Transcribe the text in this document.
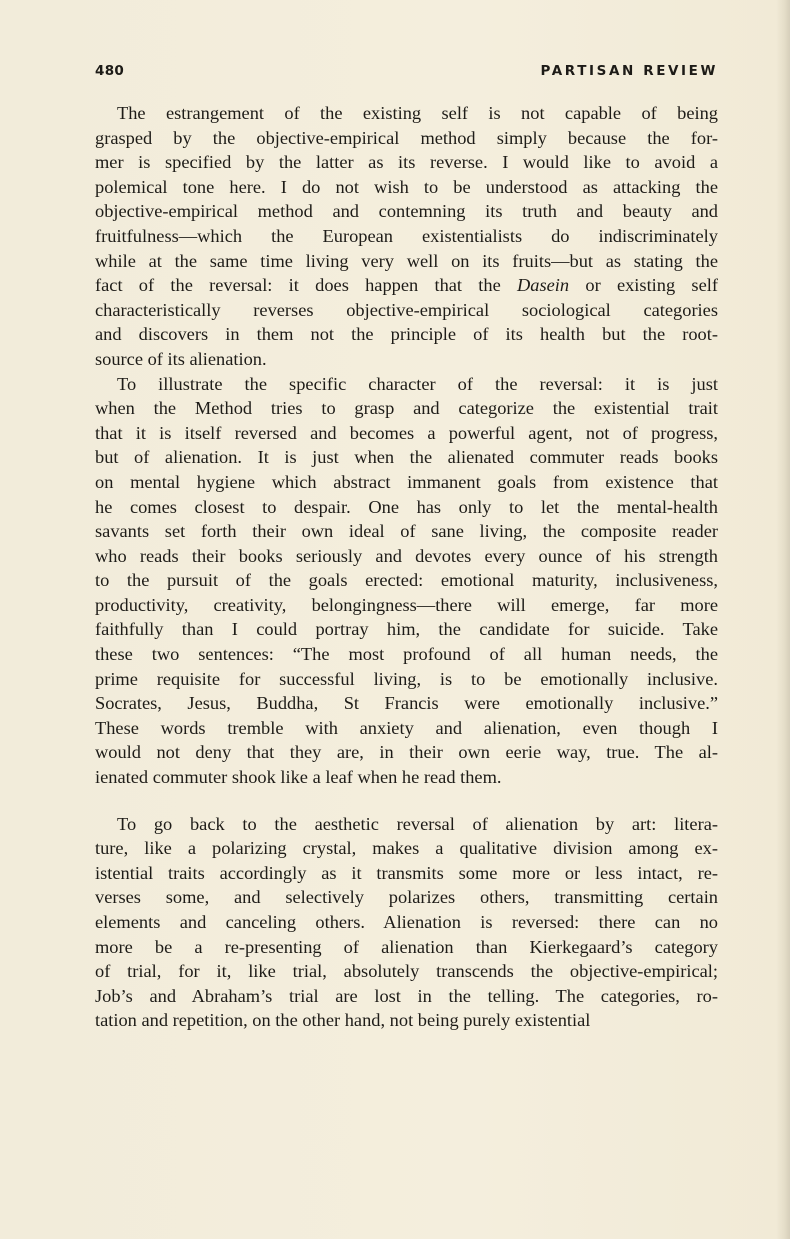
480	PARTISAN REVIEW
The estrangement of the existing self is not capable of being
grasped by the objective-empirical method simply because the for-
mer is specified by the latter as its reverse. I would like to avoid a
polemical tone here. I do not wish to be understood as attacking the
objective-empirical method and contemning its truth and beauty and
fruitfulness—which the European existentialists do indiscriminately
while at the same time living very well on its fruits—but as stating the
fact of the reversal: it does happen that the Dasein or existing self
characteristically reverses objective-empirical sociological categories
and discovers in them not the principle of its health but the root-
source of its alienation.
To illustrate the specific character of the reversal: it is just
when the Method tries to grasp and categorize the existential trait
that it is itself reversed and becomes a powerful agent, not of progress,
but of alienation. It is just when the alienated commuter reads books
on mental hygiene which abstract immanent goals from existence that
he comes closest to despair. One has only to let the mental-health
savants set forth their own ideal of sane living, the composite reader
who reads their books seriously and devotes every ounce of his strength
to the pursuit of the goals erected: emotional maturity, inclusiveness,
productivity, creativity, belongingness—there will emerge, far more
faithfully than I could portray him, the candidate for suicide. Take
these two sentences: “The most profound of all human needs, the
prime requisite for successful living, is to be emotionally inclusive.
Socrates, Jesus, Buddha, St Francis were emotionally inclusive.”
These words tremble with anxiety and alienation, even though I
would not deny that they are, in their own eerie way, true. The al-
ienated commuter shook like a leaf when he read them.
To go back to the aesthetic reversal of alienation by art: litera-
ture, like a polarizing crystal, makes a qualitative division among ex-
istential traits accordingly as it transmits some more or less intact, re-
verses some, and selectively polarizes others, transmitting certain
elements and canceling others. Alienation is reversed: there can no
more be a re-presenting of alienation than Kierkegaard’s category
of trial, for it, like trial, absolutely transcends the objective-empirical;
Job’s and Abraham’s trial are lost in the telling. The categories, ro-
tation and repetition, on the other hand, not being purely existential
